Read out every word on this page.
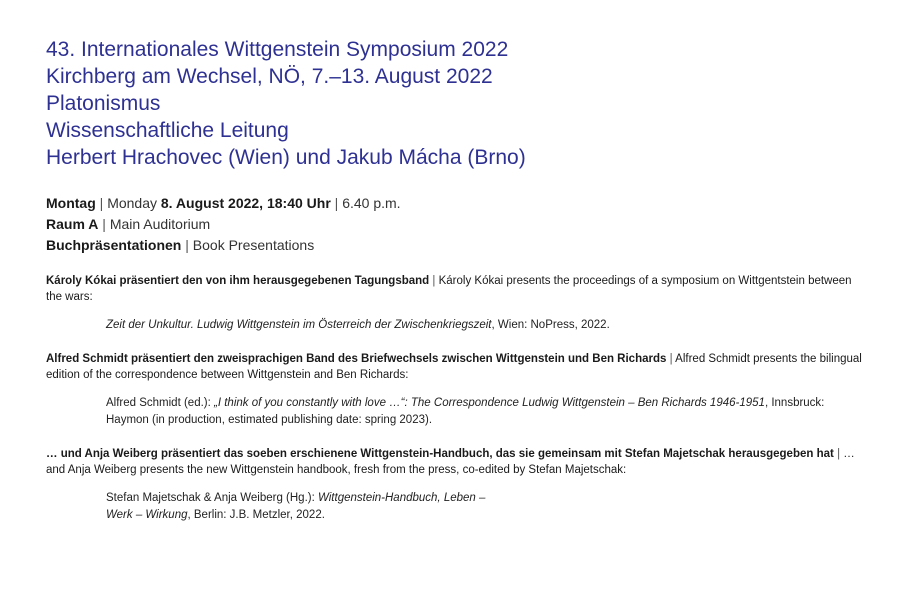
43. Internationales Wittgenstein Symposium 2022

Kirchberg am Wechsel, NÖ, 7.–13. August 2022

Platonismus

Wissenschaftliche Leitung

Herbert Hrachovec (Wien) und Jakub Mácha (Brno)

Montag | Monday 8. August 2022, 18:40 Uhr | 6.40 p.m.
Raum A | Main Auditorium
Buchpräsentationen | Book Presentations
Károly Kókai präsentiert den von ihm herausgegebenen Tagungsband | Károly Kókai presents the proceedings of a symposium on Wittgentstein between the wars:
Zeit der Unkultur. Ludwig Wittgenstein im Österreich der Zwischenkriegszeit, Wien: NoPress, 2022.
Alfred Schmidt präsentiert den zweisprachigen Band des Briefwechsels zwischen Wittgenstein und Ben Richards | Alfred Schmidt presents the bilingual edition of the correspondence between Wittgenstein and Ben Richards:
Alfred Schmidt (ed.): „I think of you constantly with love …“: The Correspondence Ludwig Wittgenstein – Ben Richards 1946-1951, Innsbruck: Haymon (in production, estimated publishing date: spring 2023).
… und Anja Weiberg präsentiert das soeben erschienene Wittgenstein-Handbuch, das sie gemeinsam mit Stefan Majetschak herausgegeben hat | … and Anja Weiberg presents the new Wittgenstein handbook, fresh from the press, co-edited by Stefan Majetschak:
Stefan Majetschak & Anja Weiberg (Hg.): Wittgenstein-Handbuch, Leben – Werk – Wirkung, Berlin: J.B. Metzler, 2022.
